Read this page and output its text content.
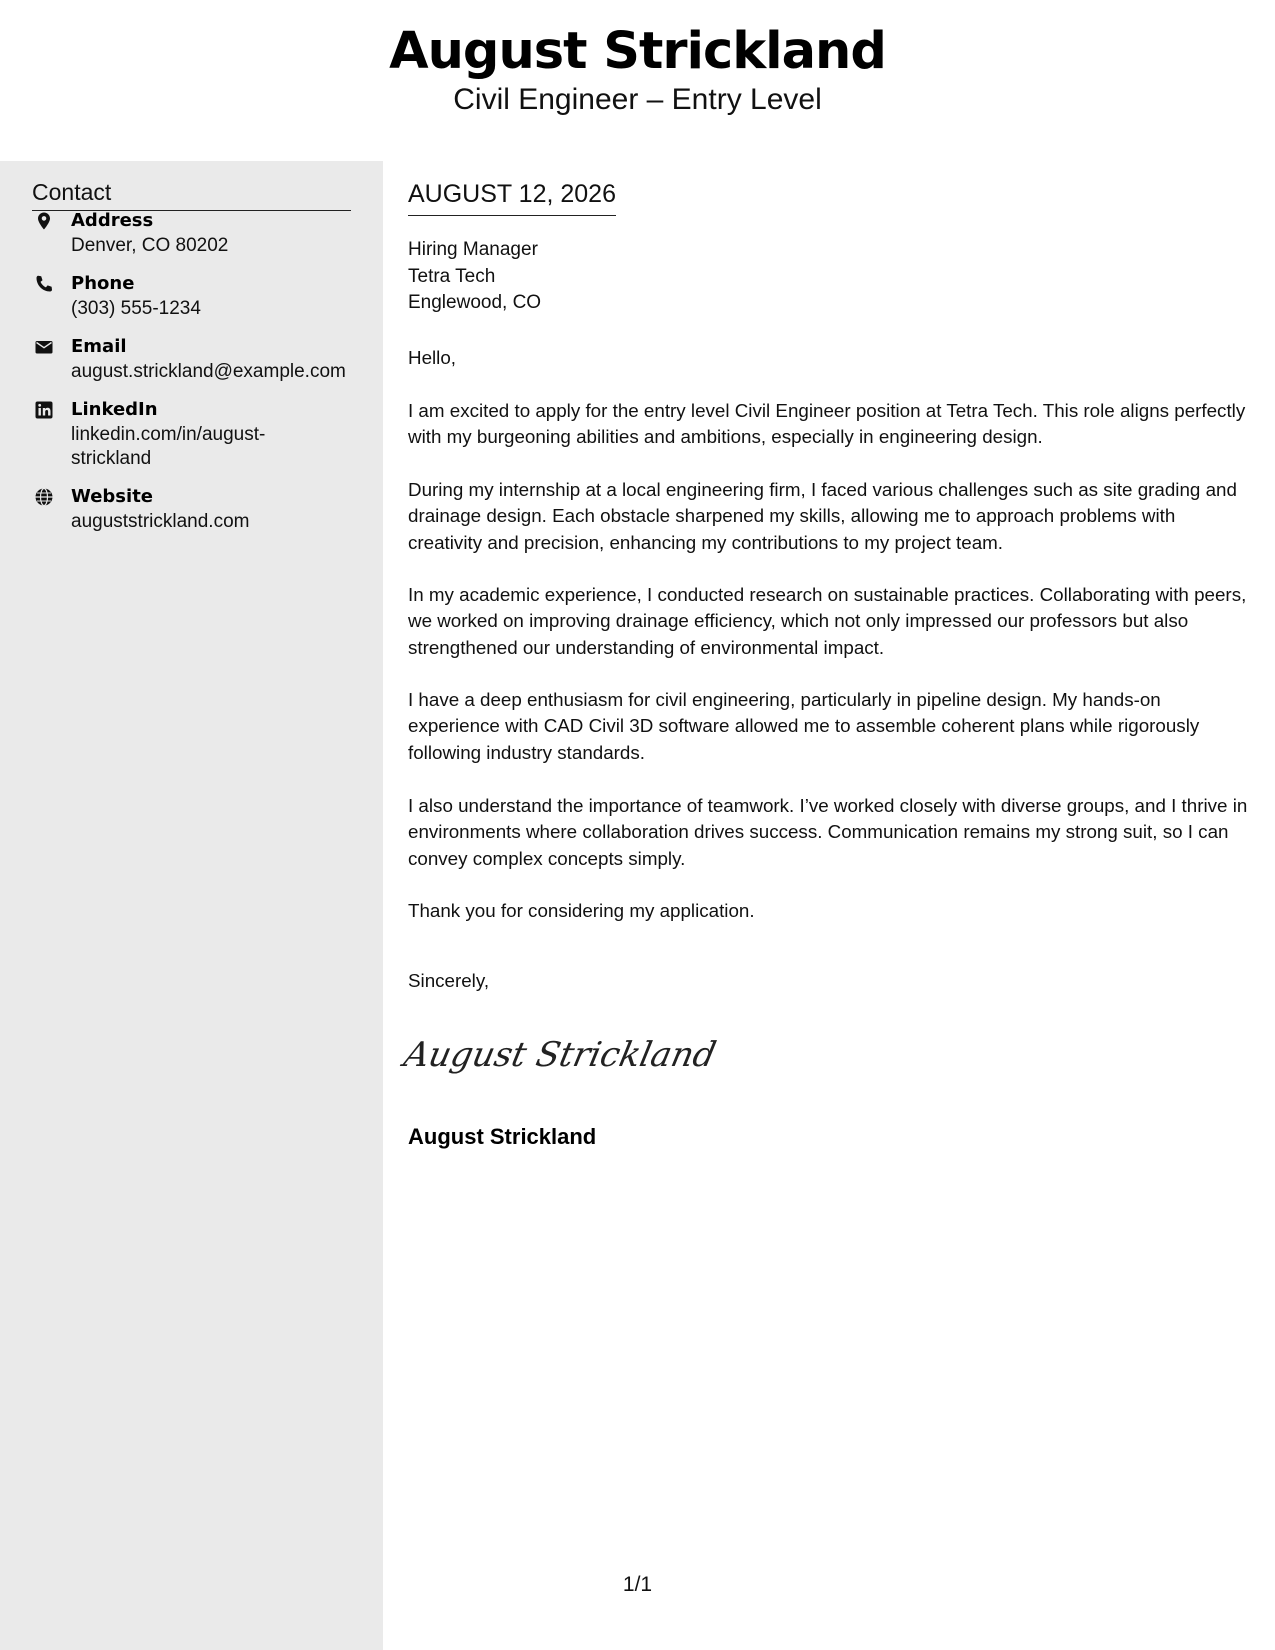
August Strickland
Civil Engineer – Entry Level
Contact
Address
Denver, CO 80202
Phone
(303) 555-1234
Email
august.strickland@example.com
LinkedIn
linkedin.com/in/august-strickland
Website
auguststrickland.com
AUGUST 12, 2026
Hiring Manager
Tetra Tech
Englewood, CO
Hello,
I am excited to apply for the entry level Civil Engineer position at Tetra Tech. This role aligns perfectly with my burgeoning abilities and ambitions, especially in engineering design.
During my internship at a local engineering firm, I faced various challenges such as site grading and drainage design. Each obstacle sharpened my skills, allowing me to approach problems with creativity and precision, enhancing my contributions to my project team.
In my academic experience, I conducted research on sustainable practices. Collaborating with peers, we worked on improving drainage efficiency, which not only impressed our professors but also strengthened our understanding of environmental impact.
I have a deep enthusiasm for civil engineering, particularly in pipeline design. My hands-on experience with CAD Civil 3D software allowed me to assemble coherent plans while rigorously following industry standards.
I also understand the importance of teamwork. I’ve worked closely with diverse groups, and I thrive in environments where collaboration drives success. Communication remains my strong suit, so I can convey complex concepts simply.
Thank you for considering my application.
Sincerely,
August Strickland
August Strickland
1/1
